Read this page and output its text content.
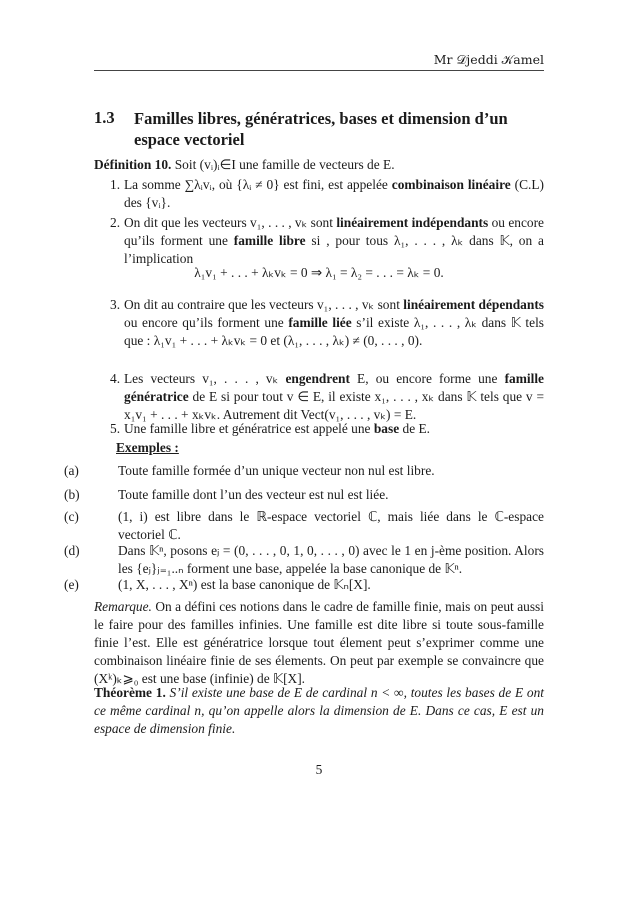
Mr 𝒟jeddi 𝒦amel
1.3 Familles libres, génératrices, bases et dimension d’un espace vectoriel
Définition 10. Soit (vᵢ)ᵢ∈I une famille de vecteurs de E.
1. La somme ∑λᵢvᵢ, où {λᵢ ≠ 0} est fini, est appelée combinaison linéaire (C.L) des {vᵢ}.
2. On dit que les vecteurs v₁, . . . , vₖ sont linéairement indépendants ou encore qu’ils forment une famille libre si , pour tous λ₁, . . . , λₖ dans 𝕂, on a l’implication
λ₁v₁ + . . . + λₖvₖ = 0 ⇒ λ₁ = λ₂ = . . . = λₖ = 0.
3. On dit au contraire que les vecteurs v₁, . . . , vₖ sont linéairement dépendants ou encore qu’ils forment une famille liée s’il existe λ₁, . . . , λₖ dans 𝕂 tels que : λ₁v₁ + . . . + λₖvₖ = 0 et (λ₁, . . . , λₖ) ≠ (0, . . . , 0).
4. Les vecteurs v₁, . . . , vₖ engendrent E, ou encore forme une famille génératrice de E si pour tout v ∈ E, il existe x₁, . . . , xₖ dans 𝕂 tels que v = x₁v₁ + . . . + xₖvₖ. Autrement dit Vect(v₁, . . . , vₖ) = E.
5. Une famille libre et génératrice est appelé une base de E.
Exemples :
(a)	Toute famille formée d’un unique vecteur non nul est libre.
(b)	Toute famille dont l’un des vecteur est nul est liée.
(c)	(1, i) est libre dans le ℝ-espace vectoriel ℂ, mais liée dans le ℂ-espace vectoriel ℂ.
(d)	Dans 𝕂ⁿ, posons eⱼ = (0, . . . , 0, 1, 0, . . . , 0) avec le 1 en j-ème position. Alors les {eⱼ}ⱼ₌₁..ₙ forment une base, appelée la base canonique de 𝕂ⁿ.
(e)	(1, X, . . . , Xⁿ) est la base canonique de 𝕂ₙ[X].
Remarque. On a défini ces notions dans le cadre de famille finie, mais on peut aussi le faire pour des familles infinies. Une famille est dite libre si toute sous-famille finie l’est. Elle est génératrice lorsque tout élement peut s’exprimer comme une combinaison linéaire finie de ses élements. On peut par exemple se convaincre que (Xᵏ)ₖ⩾₀ est une base (infinie) de 𝕂[X].
Théorème 1. S’il existe une base de E de cardinal n < ∞, toutes les bases de E ont ce même cardinal n, qu’on appelle alors la dimension de E. Dans ce cas, E est un espace de dimension finie.
5
